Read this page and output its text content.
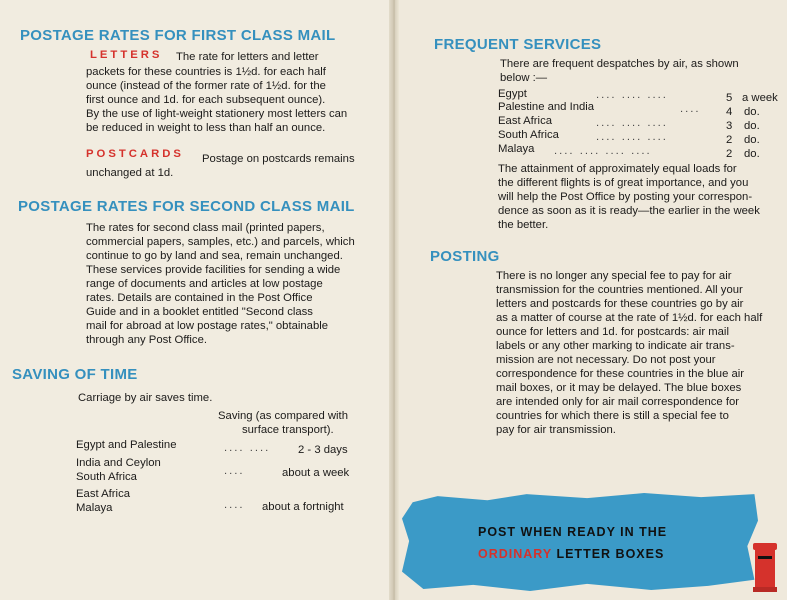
POSTAGE RATES FOR FIRST CLASS MAIL
LETTERS The rate for letters and letter
packets for these countries is 1½d. for each half
ounce (instead of the former rate of 1½d. for the
first ounce and 1d. for each subsequent ounce).
By the use of light-weight stationery most letters can
be reduced in weight to less than half an ounce.
POSTCARDS Postage on postcards remains
unchanged at 1d.
POSTAGE RATES FOR SECOND CLASS MAIL
The rates for second class mail (printed papers,
commercial papers, samples, etc.) and parcels, which
continue to go by land and sea, remain unchanged.
These services provide facilities for sending a wide
range of documents and articles at low postage
rates. Details are contained in the Post Office
Guide and in a booklet entitled "Second class
mail for abroad at low postage rates," obtainable
through any Post Office.
SAVING OF TIME
Carriage by air saves time.
Saving (as compared with
surface transport).
Egypt and Palestine	.... .... 2 - 3 days
India and Ceylon
South Africa	....	about a week
East Africa
Malaya	.... about a fortnight
FREQUENT SERVICES
There are frequent despatches by air, as shown
below :—
Egypt	.... .... ....	5 a week
Palestine and India	.... 4 do.
East Africa	.... .... ....	3 do.
South Africa	.... .... ....	2 do.
Malaya .... .... .... ....	2 do.
The attainment of approximately equal loads for
the different flights is of great importance, and you
will help the Post Office by posting your correspon-
dence as soon as it is ready—the earlier in the week
the better.
POSTING
There is no longer any special fee to pay for air
transmission for the countries mentioned. All your
letters and postcards for these countries go by air
as a matter of course at the rate of 1½d. for each half
ounce for letters and 1d. for postcards: air mail
labels or any other marking to indicate air trans-
mission are not necessary. Do not post your
correspondence for these countries in the blue air
mail boxes, or it may be delayed. The blue boxes
are intended only for air mail correspondence for
countries for which there is still a special fee to
pay for air transmission.
POST WHEN READY IN THE
ORDINARY LETTER BOXES
